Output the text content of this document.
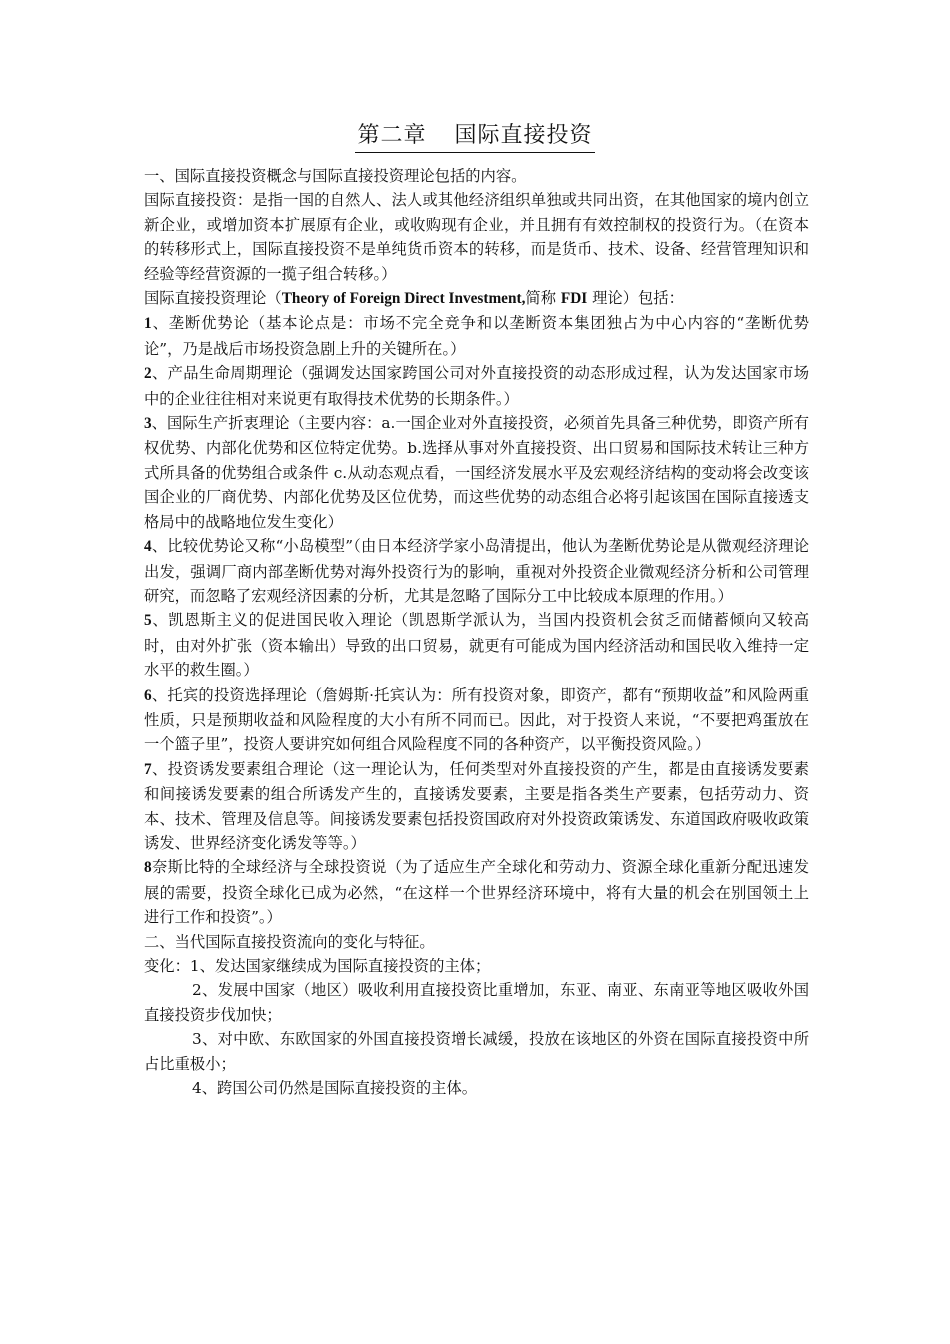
第二章 国际直接投资

一、国际直接投资概念与国际直接投资理论包括的内容。

国际直接投资：是指一国的自然人、法人或其他经济组织单独或共同出资，在其他国家的境内创立新企业，或增加资本扩展原有企业，或收购现有企业，并且拥有有效控制权的投资行为。（在资本的转移形式上，国际直接投资不是单纯货币资本的转移，而是货币、技术、设备、经营管理知识和经验等经营资源的一揽子组合转移。）

国际直接投资理论（Theory of Foreign Direct Investment,简称 FDI 理论）包括：

1、垄断优势论（基本论点是：市场不完全竞争和以垄断资本集团独占为中心内容的“垄断优势论”，乃是战后市场投资急剧上升的关键所在。）

2、产品生命周期理论（强调发达国家跨国公司对外直接投资的动态形成过程，认为发达国家市场中的企业往往相对来说更有取得技术优势的长期条件。）

3、国际生产折衷理论（主要内容：a.一国企业对外直接投资，必须首先具备三种优势，即资产所有权优势、内部化优势和区位特定优势。b.选择从事对外直接投资、出口贸易和国际技术转让三种方式所具备的优势组合或条件 c.从动态观点看，一国经济发展水平及宏观经济结构的变动将会改变该国企业的厂商优势、内部化优势及区位优势，而这些优势的动态组合必将引起该国在国际直接透支格局中的战略地位发生变化）

4、比较优势论又称“小岛模型”（由日本经济学家小岛清提出，他认为垄断优势论是从微观经济理论出发，强调厂商内部垄断优势对海外投资行为的影响，重视对外投资企业微观经济分析和公司管理研究，而忽略了宏观经济因素的分析，尤其是忽略了国际分工中比较成本原理的作用。）

5、凯恩斯主义的促进国民收入理论（凯恩斯学派认为，当国内投资机会贫乏而储蓄倾向又较高时，由对外扩张（资本输出）导致的出口贸易，就更有可能成为国内经济活动和国民收入维持一定水平的救生圈。）

6、托宾的投资选择理论（詹姆斯·托宾认为：所有投资对象，即资产，都有“预期收益”和风险两重性质，只是预期收益和风险程度的大小有所不同而已。因此，对于投资人来说，“不要把鸡蛋放在一个篮子里”，投资人要讲究如何组合风险程度不同的各种资产，以平衡投资风险。）

7、投资诱发要素组合理论（这一理论认为，任何类型对外直接投资的产生，都是由直接诱发要素和间接诱发要素的组合所诱发产生的，直接诱发要素，主要是指各类生产要素，包括劳动力、资本、技术、管理及信息等。间接诱发要素包括投资国政府对外投资政策诱发、东道国政府吸收政策诱发、世界经济变化诱发等等。）

8奈斯比特的全球经济与全球投资说（为了适应生产全球化和劳动力、资源全球化重新分配迅速发展的需要，投资全球化已成为必然，“在这样一个世界经济环境中，将有大量的机会在别国领土上进行工作和投资”。）

二、当代国际直接投资流向的变化与特征。

变化：1、发达国家继续成为国际直接投资的主体；

2、发展中国家（地区）吸收利用直接投资比重增加，东亚、南亚、东南亚等地区吸收外国直接投资步伐加快；

3、对中欧、东欧国家的外国直接投资增长减缓，投放在该地区的外资在国际直接投资中所占比重极小；

4、跨国公司仍然是国际直接投资的主体。
